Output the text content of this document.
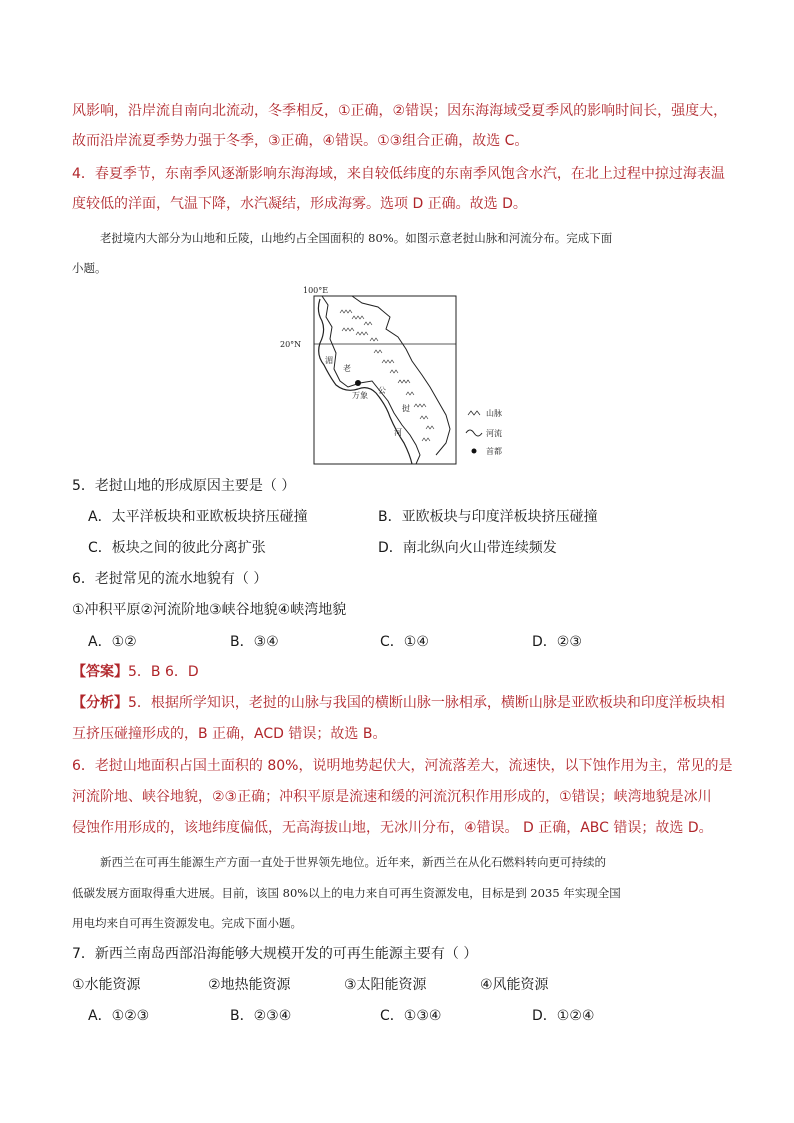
风影响，沿岸流自南向北流动，冬季相反，①正确，②错误；因东海海域受夏季风的影响时间长，强度大，
故而沿岸流夏季势力强于冬季，③正确，④错误。①③组合正确，故选 C。
4．春夏季节，东南季风逐渐影响东海海域，来自较低纬度的东南季风饱含水汽，在北上过程中掠过海表温
度较低的洋面，气温下降，水汽凝结，形成海雾。选项 D 正确。故选 D。
老挝境内大部分为山地和丘陵，山地约占全国面积的 80%。如图示意老挝山脉和河流分布。完成下面
小题。
100°E
20°N
湄
公
河
老
挝
万象
山脉
河流
首都
5．老挝山地的形成原因主要是（ ）
A．太平洋板块和亚欧板块挤压碰撞	B．亚欧板块与印度洋板块挤压碰撞
C．板块之间的彼此分离扩张	D．南北纵向火山带连续频发
6．老挝常见的流水地貌有（ ）
①冲积平原②河流阶地③峡谷地貌④峡湾地貌
A．①②	B．③④	C．①④	D．②③
【答案】5．B 6．D
【分析】5．根据所学知识，老挝的山脉与我国的横断山脉一脉相承，横断山脉是亚欧板块和印度洋板块相
互挤压碰撞形成的，B 正确，ACD 错误；故选 B。
6．老挝山地面积占国土面积的 80%，说明地势起伏大，河流落差大，流速快，以下蚀作用为主，常见的是
河流阶地、峡谷地貌，②③正确；冲积平原是流速和缓的河流沉积作用形成的，①错误；峡湾地貌是冰川
侵蚀作用形成的，该地纬度偏低，无高海拔山地，无冰川分布，④错误。 D 正确，ABC 错误；故选 D。
新西兰在可再生能源生产方面一直处于世界领先地位。近年来，新西兰在从化石燃料转向更可持续的
低碳发展方面取得重大进展。目前，该国 80%以上的电力来自可再生资源发电，目标是到 2035 年实现全国
用电均来自可再生资源发电。完成下面小题。
7．新西兰南岛西部沿海能够大规模开发的可再生能源主要有（ ）
①水能资源	②地热能资源	③太阳能资源	④风能资源
A．①②③	B．②③④	C．①③④	D．①②④
